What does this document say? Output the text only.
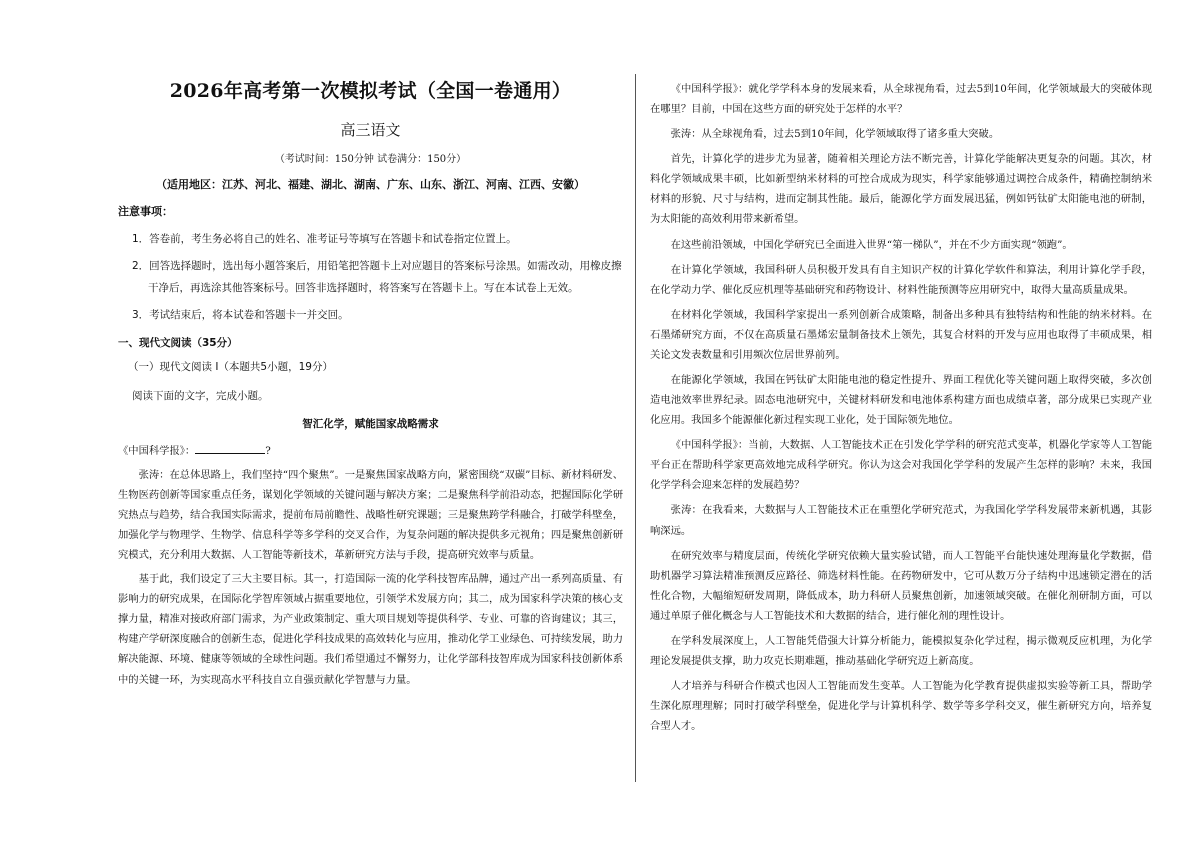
2026年高考第一次模拟考试（全国一卷通用）
高三语文
（考试时间：150分钟 试卷满分：150分）
（适用地区：江苏、河北、福建、湖北、湖南、广东、山东、浙江、河南、江西、安徽）
注意事项：

1．答卷前，考生务必将自己的姓名、准考证号等填写在答题卡和试卷指定位置上。

2．回答选择题时，选出每小题答案后，用铅笔把答题卡上对应题目的答案标号涂黑。如需改动，用橡皮擦干净后，再选涂其他答案标号。回答非选择题时，将答案写在答题卡上。写在本试卷上无效。

3．考试结束后，将本试卷和答题卡一并交回。

一、现代文阅读（35分）
（一）现代文阅读 I（本题共5小题，19分）
阅读下面的文字，完成小题。
智汇化学，赋能国家战略需求
《中国科学报》：	?

张涛：在总体思路上，我们坚持“四个聚焦”。一是聚焦国家战略方向，紧密围绕“双碳”目标、新材料研发、生物医药创新等国家重点任务，谋划化学领域的关键问题与解决方案；二是聚焦科学前沿动态，把握国际化学研究热点与趋势，结合我国实际需求，提前布局前瞻性、战略性研究课题；三是聚焦跨学科融合，打破学科壁垒，加强化学与物理学、生物学、信息科学等多学科的交叉合作，为复杂问题的解决提供多元视角；四是聚焦创新研究模式，充分利用大数据、人工智能等新技术，革新研究方法与手段，提高研究效率与质量。

基于此，我们设定了三大主要目标。其一，打造国际一流的化学科技智库品牌，通过产出一系列高质量、有影响力的研究成果，在国际化学智库领域占据重要地位，引领学术发展方向；其二，成为国家科学决策的核心支撑力量，精准对接政府部门需求，为产业政策制定、重大项目规划等提供科学、专业、可靠的咨询建议；其三，构建产学研深度融合的创新生态，促进化学科技成果的高效转化与应用，推动化学工业绿色、可持续发展，助力解决能源、环境、健康等领域的全球性问题。我们希望通过不懈努力，让化学部科技智库成为国家科技创新体系中的关键一环，为实现高水平科技自立自强贡献化学智慧与力量。

《中国科学报》：就化学学科本身的发展来看，从全球视角看，过去5到10年间，化学领域最大的突破体现在哪里？目前，中国在这些方面的研究处于怎样的水平？

张涛：从全球视角看，过去5到10年间，化学领域取得了诸多重大突破。

首先，计算化学的进步尤为显著，随着相关理论方法不断完善，计算化学能解决更复杂的问题。其次，材料化学领域成果丰硕，比如新型纳米材料的可控合成成为现实，科学家能够通过调控合成条件，精确控制纳米材料的形貌、尺寸与结构，进而定制其性能。最后，能源化学方面发展迅猛，例如钙钛矿太阳能电池的研制，为太阳能的高效利用带来新希望。

在这些前沿领域，中国化学研究已全面进入世界“第一梯队”，并在不少方面实现“领跑”。

在计算化学领域，我国科研人员积极开发具有自主知识产权的计算化学软件和算法，利用计算化学手段，在化学动力学、催化反应机理等基础研究和药物设计、材料性能预测等应用研究中，取得大量高质量成果。

在材料化学领域，我国科学家提出一系列创新合成策略，制备出多种具有独特结构和性能的纳米材料。在石墨烯研究方面，不仅在高质量石墨烯宏量制备技术上领先，其复合材料的开发与应用也取得了丰硕成果，相关论文发表数量和引用频次位居世界前列。

在能源化学领域，我国在钙钛矿太阳能电池的稳定性提升、界面工程优化等关键问题上取得突破，多次创造电池效率世界纪录。固态电池研究中，关键材料研发和电池体系构建方面也成绩卓著，部分成果已实现产业化应用。我国多个能源催化新过程实现工业化，处于国际领先地位。

《中国科学报》：当前，大数据、人工智能技术正在引发化学学科的研究范式变革，机器化学家等人工智能平台正在帮助科学家更高效地完成科学研究。你认为这会对我国化学学科的发展产生怎样的影响？未来，我国化学学科会迎来怎样的发展趋势？

张涛：在我看来，大数据与人工智能技术正在重塑化学研究范式，为我国化学学科发展带来新机遇，其影响深远。

在研究效率与精度层面，传统化学研究依赖大量实验试错，而人工智能平台能快速处理海量化学数据，借助机器学习算法精准预测反应路径、筛选材料性能。在药物研发中，它可从数万分子结构中迅速锁定潜在的活性化合物，大幅缩短研发周期，降低成本，助力科研人员聚焦创新，加速领域突破。在催化剂研制方面，可以通过单原子催化概念与人工智能技术和大数据的结合，进行催化剂的理性设计。

在学科发展深度上，人工智能凭借强大计算分析能力，能模拟复杂化学过程，揭示微观反应机理，为化学理论发展提供支撑，助力攻克长期难题，推动基础化学研究迈上新高度。

人才培养与科研合作模式也因人工智能而发生变革。人工智能为化学教育提供虚拟实验等新工具，帮助学生深化原理理解；同时打破学科壁垒，促进化学与计算机科学、数学等多学科交叉，催生新研究方向，培养复合型人才。
